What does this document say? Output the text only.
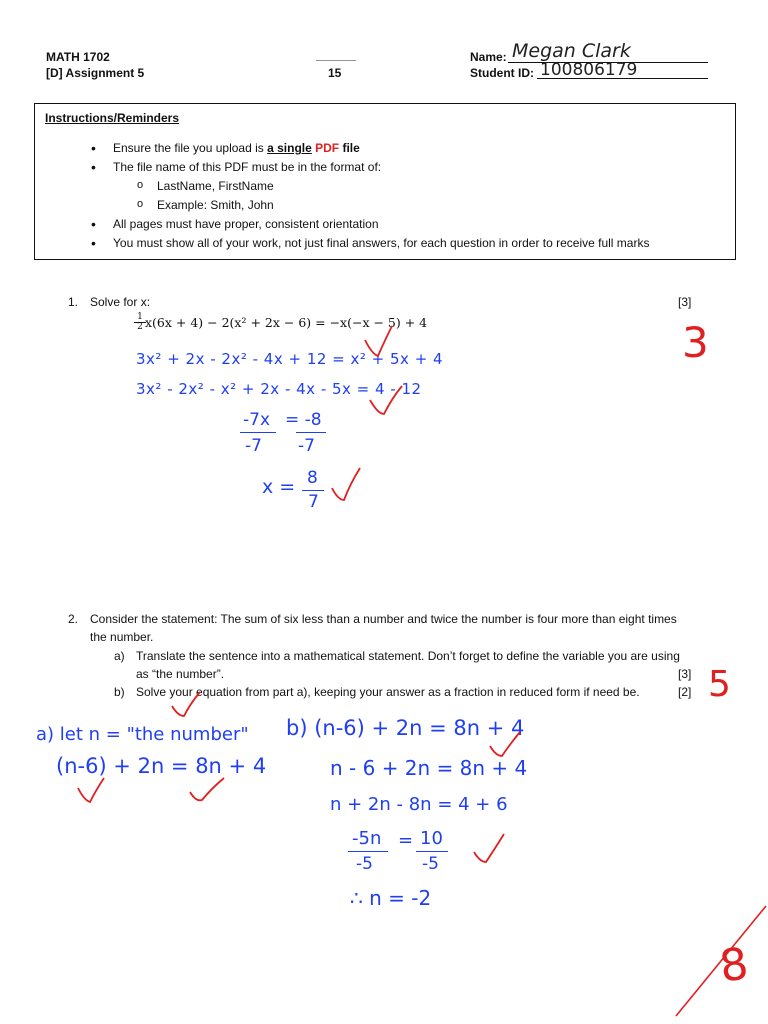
MATH 1702
[D] Assignment 5
______
15
Name: Megan Clark
Student ID: 100806179
Instructions/Reminders
• Ensure the file you upload is a single PDF file
• The file name of this PDF must be in the format of:
o LastName, FirstName
o Example: Smith, John
• All pages must have proper, consistent orientation
• You must show all of your work, not just final answers, for each question in order to receive full marks
1. Solve for x:	[3]
$\frac{1}{2} x(6x + 4) - 2(x^2 + 2x - 6) = -x(-x - 5) + 4$
3x² + 2x - 2x² - 4x + 12 = x² + 5x + 4
3x² - 2x² - x² + 2x - 4x - 5x = 4 - 12
-7x = -8
-7 -7
x = 8
7
3
2. Consider the statement: The sum of six less than a number and twice the number is four more than eight times
the number.
a) Translate the sentence into a mathematical statement. Don’t forget to define the variable you are using
as “the number”.	[3]
b) Solve your equation from part a), keeping your answer as a fraction in reduced form if need be.	[2] 5
a) let n = "the number"
(n-6) + 2n = 8n + 4
b) (n-6) + 2n = 8n + 4
n - 6 + 2n = 8n + 4
n + 2n - 8n = 4 + 6
-5n = 10
-5	-5
∴ n = -2
8
